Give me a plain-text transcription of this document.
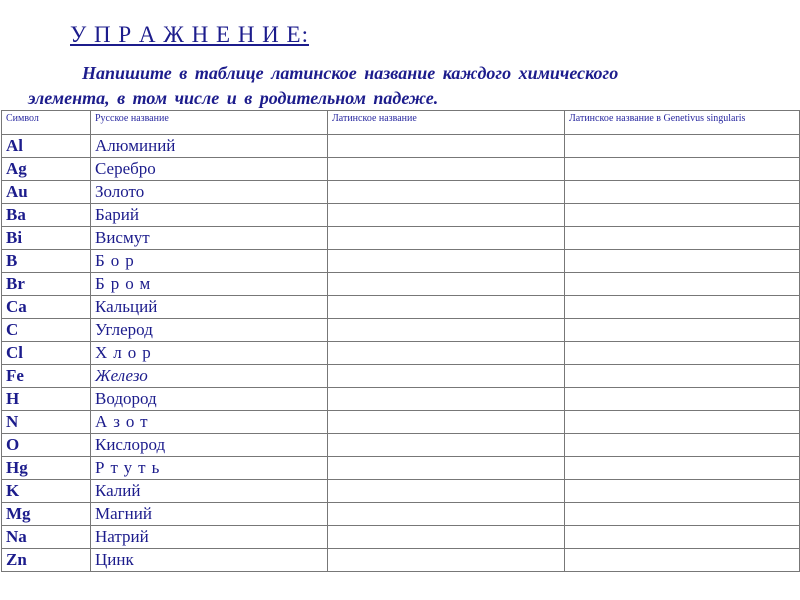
У П Р А Ж Н Е Н И Е:
Напишите в таблице латинское название каждого химического
элемента, в том числе и в родительном падеже.
Символ	Русское название	Латинское название	Латинское название в Genetivus singularis
Al	Алюминий		
Ag	Серебро		
Au	Золото		
Ba	Барий		
Bi	Висмут		
B	Бор		
Br	Бром		
Ca	Кальций		
C	Углерод		
Cl	Хлор		
Fe	Железо		
H	Водород		
N	Азот		
O	Кислород		
Hg	Ртуть		
K	Калий		
Mg	Магний		
Na	Натрий		
Zn	Цинк		
